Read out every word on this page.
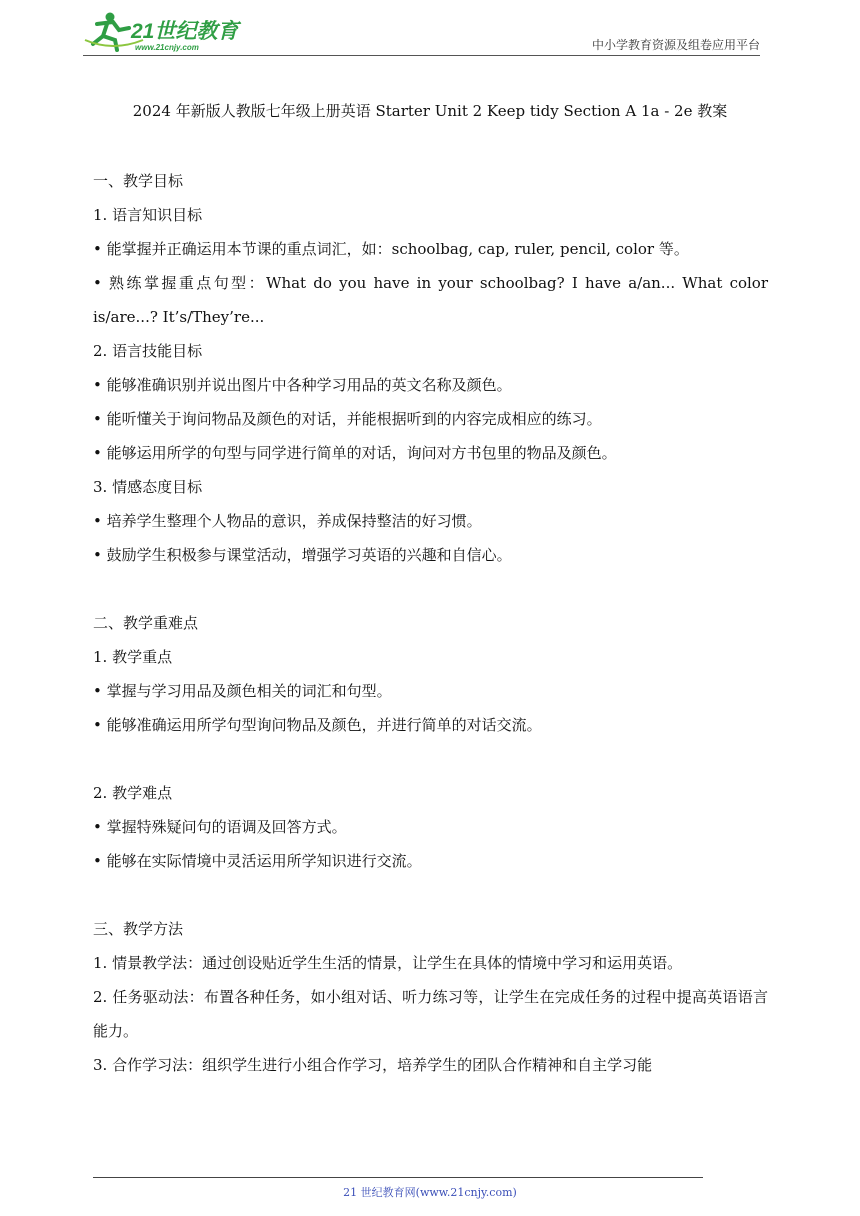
21世纪教育
www.21cnjy.com	中小学教育资源及组卷应用平台
2024 年新版人教版七年级上册英语 Starter Unit 2 Keep tidy Section A 1a - 2e 教案

一、教学目标

1. 语言知识目标

• 能掌握并正确运用本节课的重点词汇，如：schoolbag, cap, ruler, pencil, color 等。

• 熟练掌握重点句型：What do you have in your schoolbag? I have a/an... What color is/are...? It’s/They’re...

2. 语言技能目标

• 能够准确识别并说出图片中各种学习用品的英文名称及颜色。

• 能听懂关于询问物品及颜色的对话，并能根据听到的内容完成相应的练习。

• 能够运用所学的句型与同学进行简单的对话，询问对方书包里的物品及颜色。

3. 情感态度目标

• 培养学生整理个人物品的意识，养成保持整洁的好习惯。

• 鼓励学生积极参与课堂活动，增强学习英语的兴趣和自信心。

二、教学重难点

1. 教学重点

• 掌握与学习用品及颜色相关的词汇和句型。

• 能够准确运用所学句型询问物品及颜色，并进行简单的对话交流。

2. 教学难点

• 掌握特殊疑问句的语调及回答方式。

• 能够在实际情境中灵活运用所学知识进行交流。

三、教学方法

1. 情景教学法：通过创设贴近学生生活的情景，让学生在具体的情境中学习和运用英语。

2. 任务驱动法：布置各种任务，如小组对话、听力练习等，让学生在完成任务的过程中提高英语语言能力。

3. 合作学习法：组织学生进行小组合作学习，培养学生的团队合作精神和自主学习能

21 世纪教育网(www.21cnjy.com)
